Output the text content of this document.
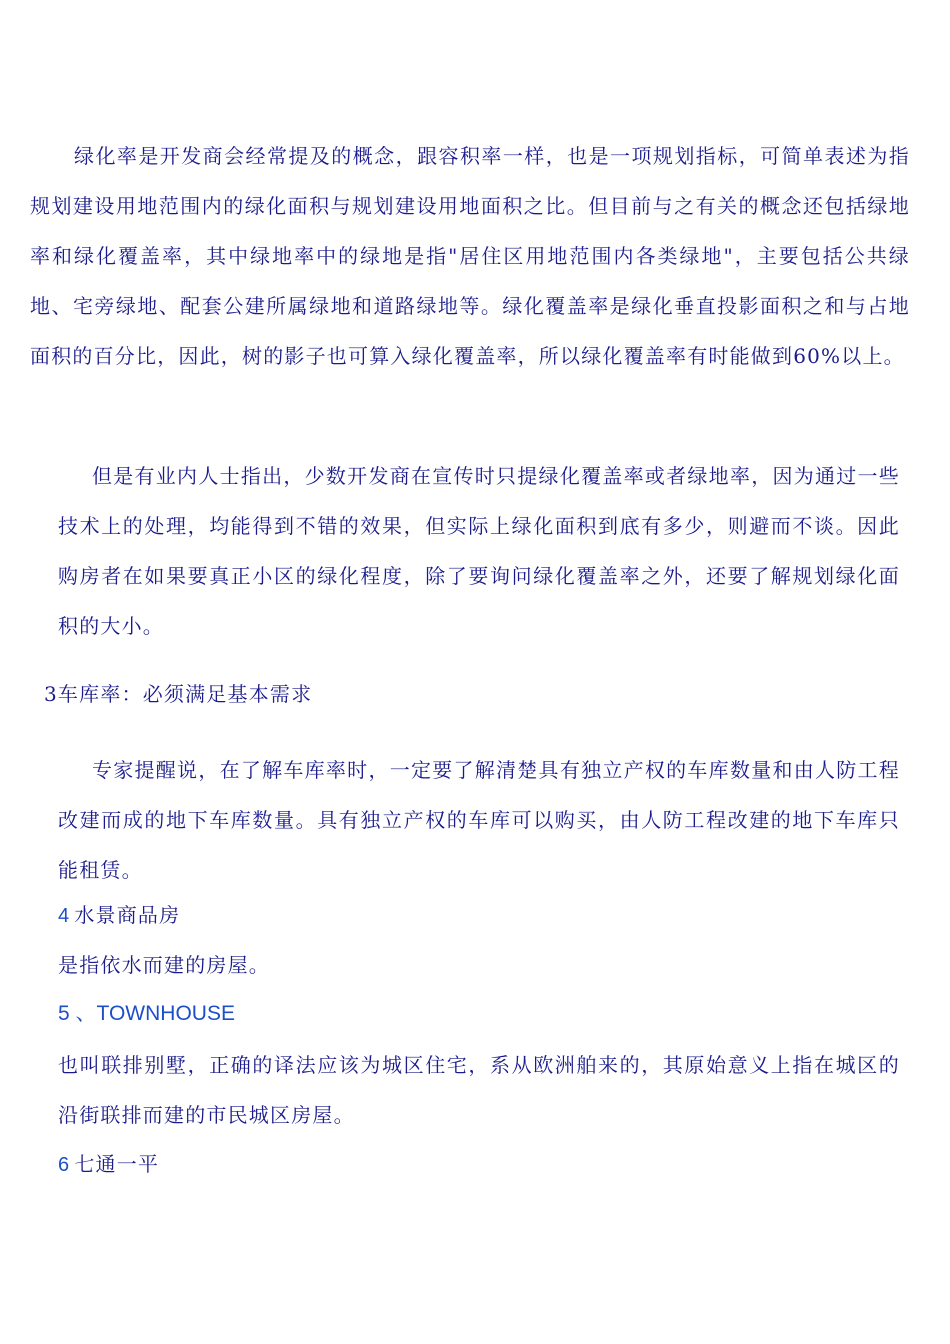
绿化率是开发商会经常提及的概念，跟容积率一样，也是一项规划指标，可简单表述为指规划建设用地范围内的绿化面积与规划建设用地面积之比。但目前与之有关的概念还包括绿地率和绿化覆盖率，其中绿地率中的绿地是指"居住区用地范围内各类绿地"，主要包括公共绿地、宅旁绿地、配套公建所属绿地和道路绿地等。绿化覆盖率是绿化垂直投影面积之和与占地面积的百分比，因此，树的影子也可算入绿化覆盖率，所以绿化覆盖率有时能做到60%以上。

但是有业内人士指出，少数开发商在宣传时只提绿化覆盖率或者绿地率，因为通过一些技术上的处理，均能得到不错的效果，但实际上绿化面积到底有多少，则避而不谈。因此购房者在如果要真正小区的绿化程度，除了要询问绿化覆盖率之外，还要了解规划绿化面积的大小。

3车库率：必须满足基本需求

专家提醒说，在了解车库率时，一定要了解清楚具有独立产权的车库数量和由人防工程改建而成的地下车库数量。具有独立产权的车库可以购买，由人防工程改建的地下车库只能租赁。

4 水景商品房

是指依水而建的房屋。

5 、TOWNHOUSE

也叫联排别墅，正确的译法应该为城区住宅，系从欧洲舶来的，其原始意义上指在城区的沿街联排而建的市民城区房屋。

6 七通一平
